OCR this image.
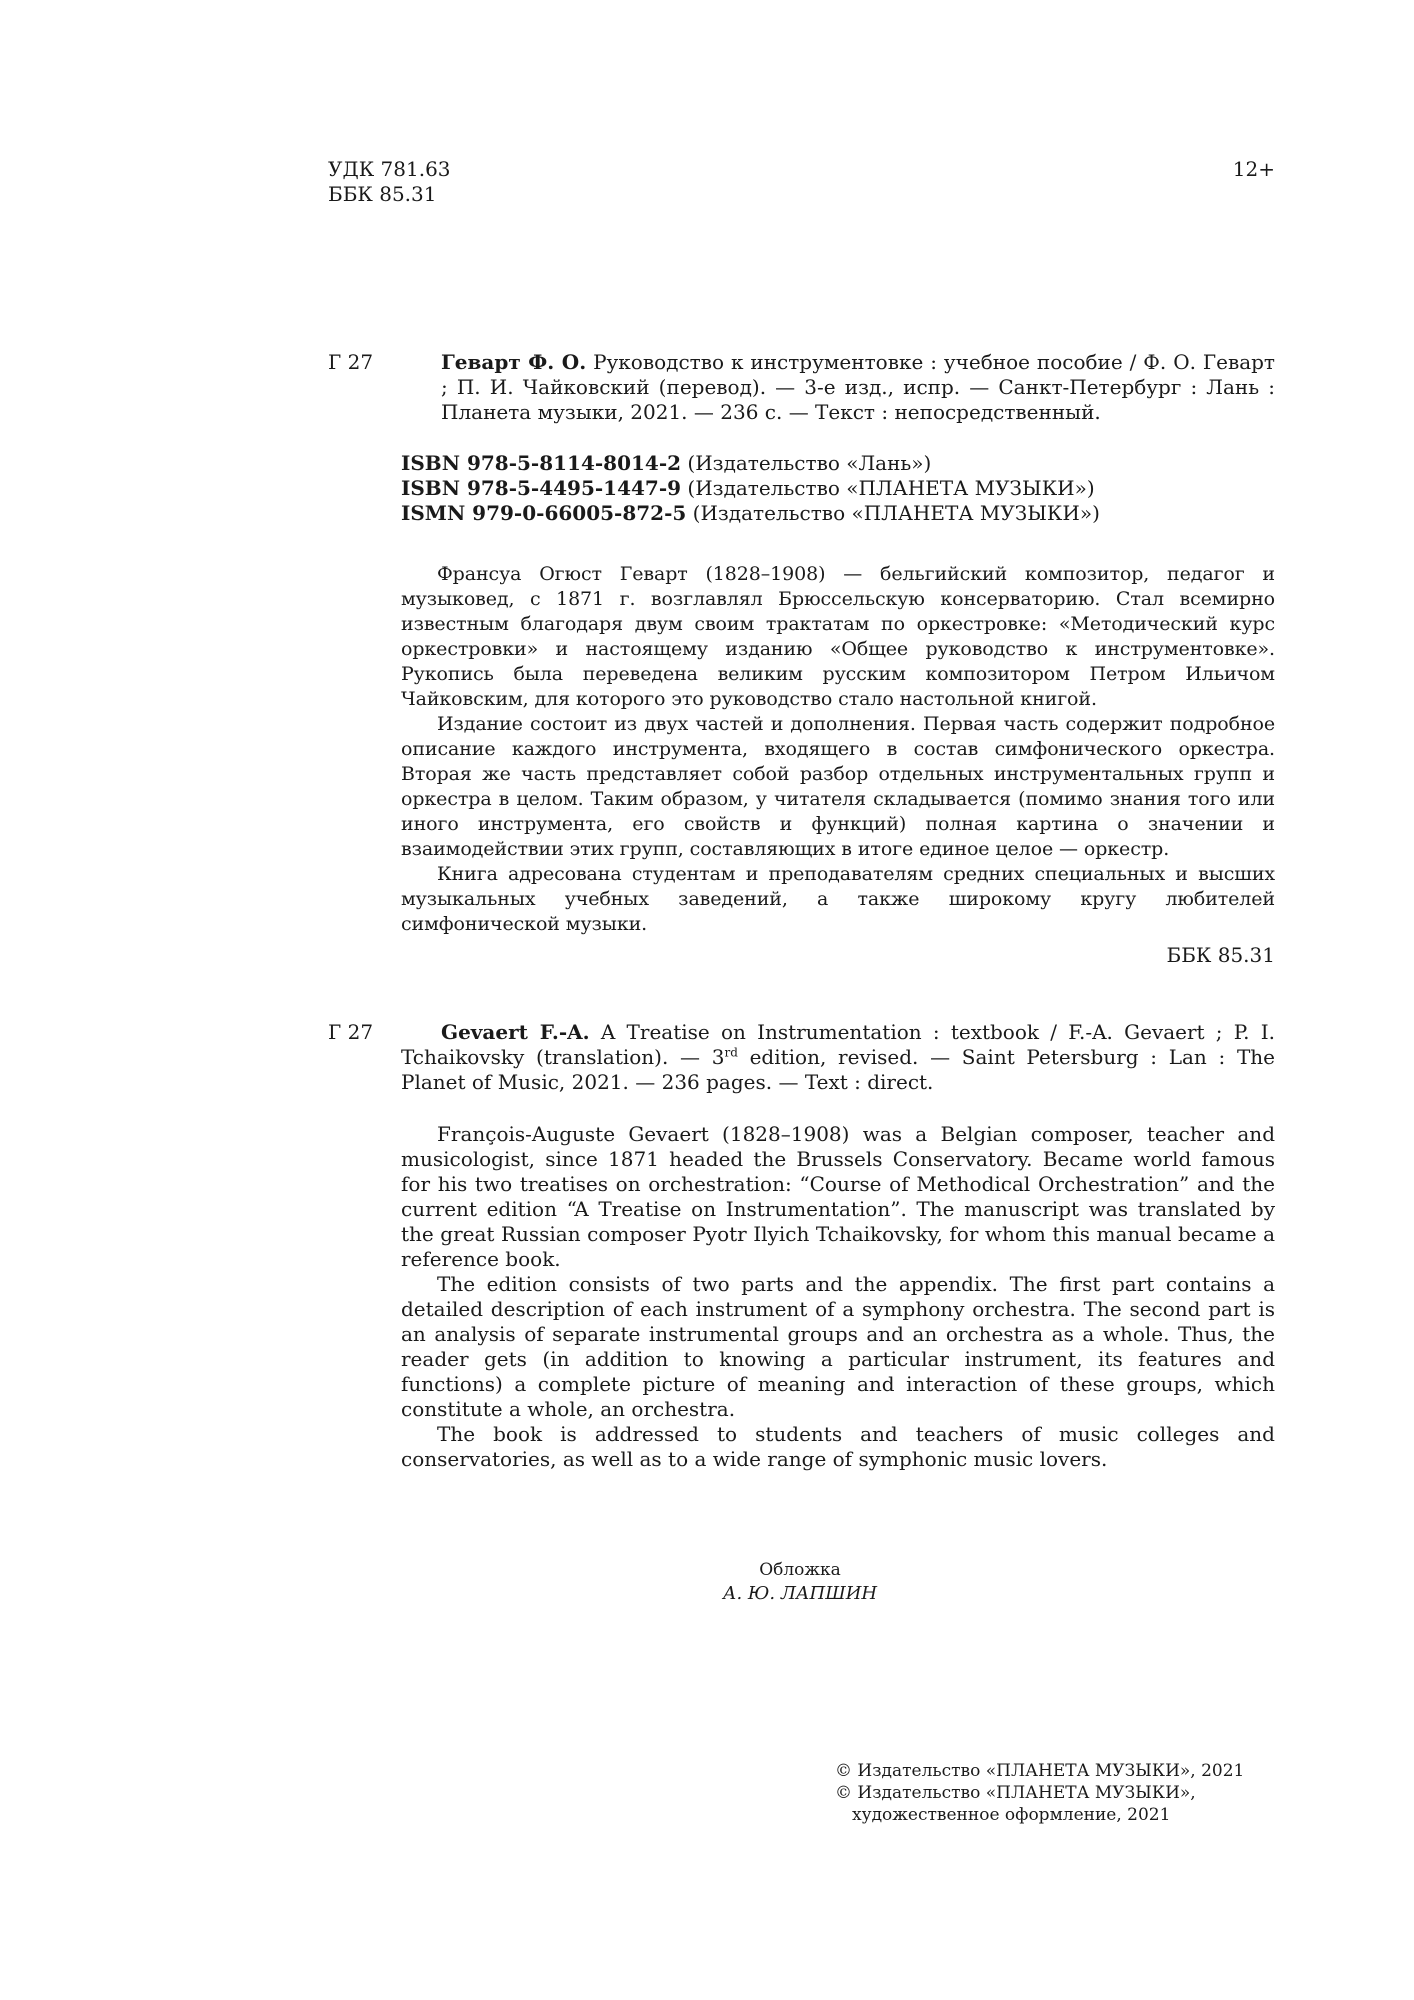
УДК 781.63
ББК 85.31
12+
Г 27	Геварт Ф. О. Руководство к инструментовке : учебное пособие / Ф. О. Геварт ; П. И. Чайковский (перевод). — 3-е изд., испр. — Санкт-Петербург : Лань : Планета музыки, 2021. — 236 с. — Текст : непосредственный.
ISBN 978-5-8114-8014-2 (Издательство «Лань»)
ISBN 978-5-4495-1447-9 (Издательство «ПЛАНЕТА МУЗЫКИ»)
ISMN 979-0-66005-872-5 (Издательство «ПЛАНЕТА МУЗЫКИ»)

Франсуа Огюст Геварт (1828–1908) — бельгийский композитор, педагог и музыковед, с 1871 г. возглавлял Брюссельскую консерваторию. Стал всемирно известным благодаря двум своим трактатам по оркестровке: «Методический курс оркестровки» и настоящему изданию «Общее руководство к инструментовке». Рукопись была переведена великим русским композитором Петром Ильичом Чайковским, для которого это руководство стало настольной книгой.

Издание состоит из двух частей и дополнения. Первая часть содержит подробное описание каждого инструмента, входящего в состав симфонического оркестра. Вторая же часть представляет собой разбор отдельных инструментальных групп и оркестра в целом. Таким образом, у читателя складывается (помимо знания того или иного инструмента, его свойств и функций) полная картина о значении и взаимодействии этих групп, составляющих в итоге единое целое — оркестр.

Книга адресована студентам и преподавателям средних специальных и высших музыкальных учебных заведений, а также широкому кругу любителей симфонической музыки.

ББК 85.31
Г 27	Gevaert F.-A. A Treatise on Instrumentation : textbook / F.-A. Gevaert ; P. I. Tchaikovsky (translation). — 3rd edition, revised. — Saint Petersburg : Lan : The Planet of Music, 2021. — 236 pages. — Text : direct.

François-Auguste Gevaert (1828–1908) was a Belgian composer, teacher and musicologist, since 1871 headed the Brussels Conservatory. Became world famous for his two treatises on orchestration: “Course of Methodical Orchestration” and the current edition “A Treatise on Instrumentation”. The manuscript was translated by the great Russian composer Pyotr Ilyich Tchaikovsky, for whom this manual became a reference book.

The edition consists of two parts and the appendix. The first part contains a detailed description of each instrument of a symphony orchestra. The second part is an analysis of separate instrumental groups and an orchestra as a whole. Thus, the reader gets (in addition to knowing a particular instrument, its features and functions) a complete picture of meaning and interaction of these groups, which constitute a whole, an orchestra.

The book is addressed to students and teachers of music colleges and conservatories, as well as to a wide range of symphonic music lovers.

Обложка
А. Ю. ЛАПШИН
© Издательство «ПЛАНЕТА МУЗЫКИ», 2021
© Издательство «ПЛАНЕТА МУЗЫКИ», художественное оформление, 2021
